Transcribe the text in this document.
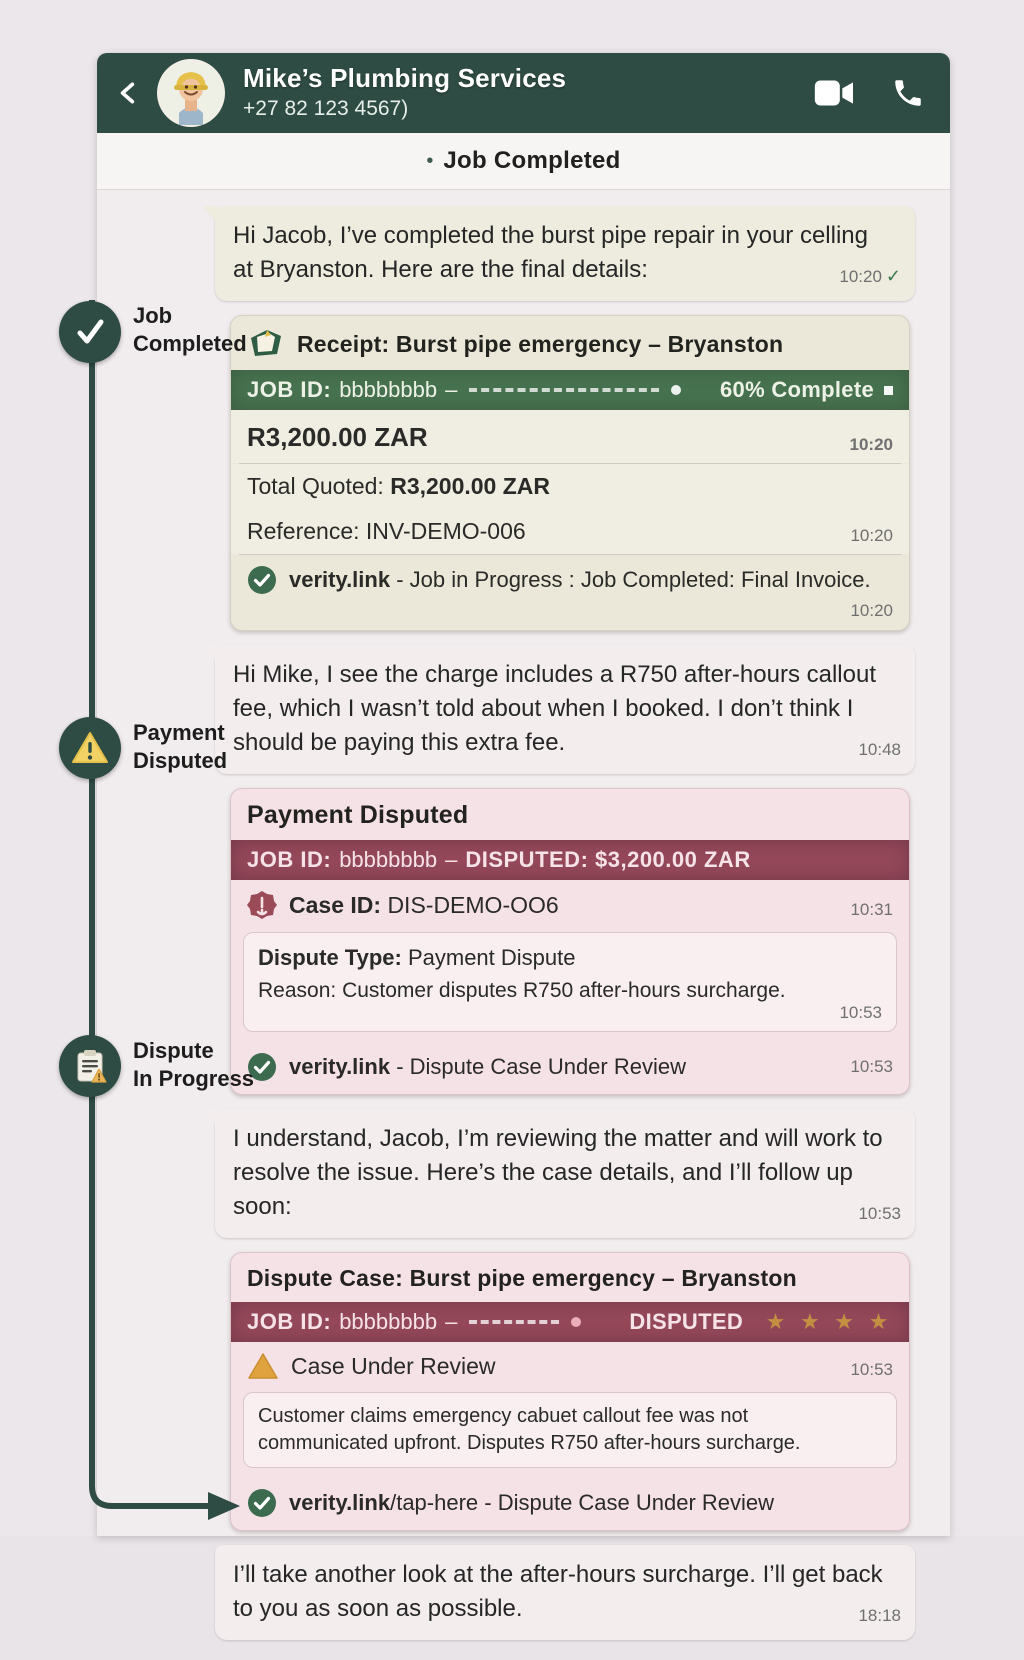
Mike’s Plumbing Services
+27 82 123 4567)
• Job Completed
Hi Jacob, I’ve completed the burst pipe repair in your celling at Bryanston. Here are the final details:	10:20 ✓
Receipt: Burst pipe emergency – Bryanston
JOB ID: bbbbbbbb –	60% Complete
R3,200.00 ZAR	10:20
Total Quoted: R3,200.00 ZAR
Reference: INV-DEMO-006	10:20
verity.link - Job in Progress : Job Completed: Final Invoice.
10:20
Hi Mike, I see the charge includes a R750 after-hours callout fee, which I wasn’t told about when I booked. I don’t think I should be paying this extra fee.	10:48
Payment Disputed
JOB ID: bbbbbbbb – DISPUTED: $3,200.00 ZAR
Case ID: DIS-DEMO-OO6	10:31
Dispute Type: Payment Dispute
Reason: Customer disputes R750 after-hours surcharge.
10:53
verity.link - Dispute Case Under Review	10:53
I understand, Jacob, I’m reviewing the matter and will work to resolve the issue. Here’s the case details, and I’ll follow up soon:	10:53
Dispute Case: Burst pipe emergency – Bryanston
JOB ID: bbbbbbbb –	DISPUTED ★ ★ ★ ★
Case Under Review	10:53
Customer claims emergency cabuet callout fee was not communicated upfront. Disputes R750 after-hours surcharge.
verity.link/tap-here - Dispute Case Under Review
I’ll take another look at the after-hours surcharge. I’ll get back to you as soon as possible.	18:18
Job
Completed
Payment
Disputed
Dispute
In Progress
